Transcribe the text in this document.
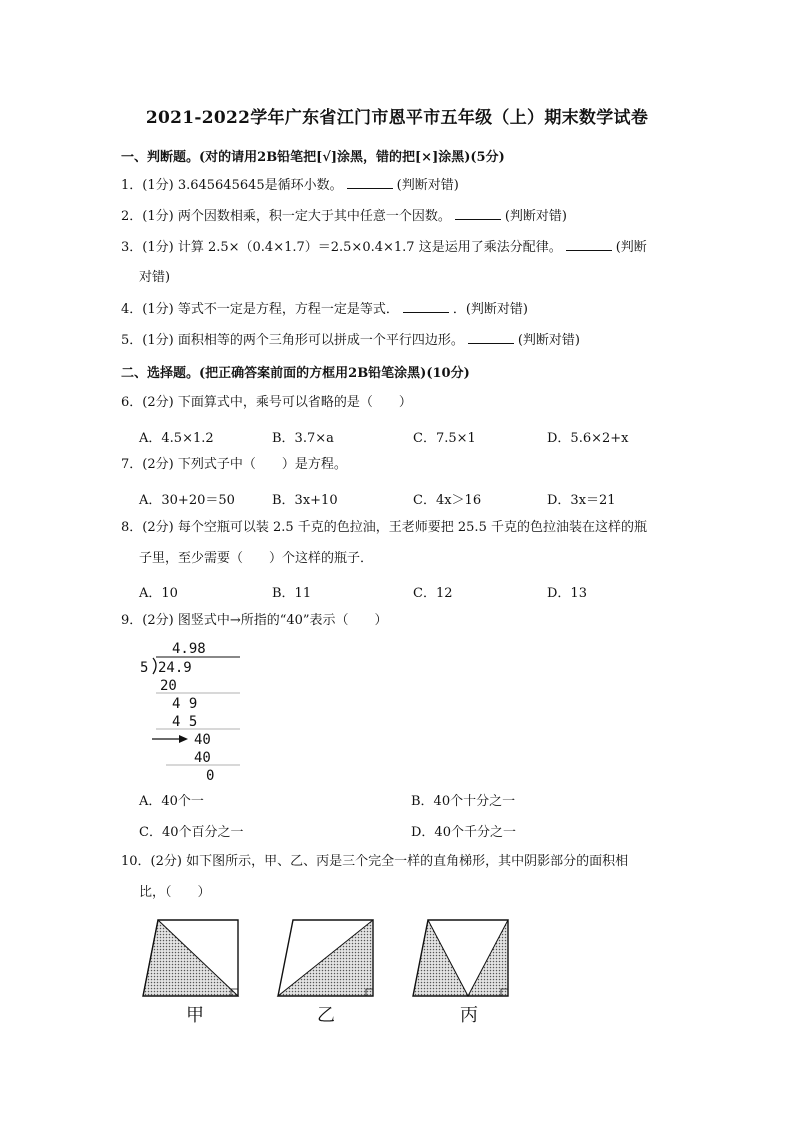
2021-2022学年广东省江门市恩平市五年级（上）期末数学试卷
一、判断题。(对的请用2B铅笔把[√]涂黑，错的把[×]涂黑)(5分)
1．(1分) 3.645645645是循环小数。	(判断对错)
2．(1分) 两个因数相乘，积一定大于其中任意一个因数。	(判断对错)
3．(1分) 计算 2.5×（0.4×1.7）＝2.5×0.4×1.7 这是运用了乘法分配律。	(判断
对错)
4．(1分) 等式不一定是方程，方程一定是等式．	．(判断对错)
5．(1分) 面积相等的两个三角形可以拼成一个平行四边形。	(判断对错)
二、选择题。(把正确答案前面的方框用2B铅笔涂黑)(10分)
6．(2分) 下面算式中，乘号可以省略的是（　　）
A．4.5×1.2	B．3.7×a	C．7.5×1	D．5.6×2+x
7．(2分) 下列式子中（　　）是方程。
A．30+20＝50	B．3x+10	C．4x＞16	D．3x＝21
8．(2分) 每个空瓶可以装 2.5 千克的色拉油，王老师要把 25.5 千克的色拉油装在这样的瓶
子里，至少需要（　　）个这样的瓶子．
A．10	B．11	C．12	D．13
9．(2分) 图竖式中→所指的“40”表示（　　）
4.98
5 24.9
20
4 9
4 5
40
40
0
A．40个一	B．40个十分之一
C．40个百分之一	D．40个千分之一
10．(2分) 如下图所示，甲、乙、丙是三个完全一样的直角梯形，其中阴影部分的面积相
比，（　　）
甲	乙	丙
